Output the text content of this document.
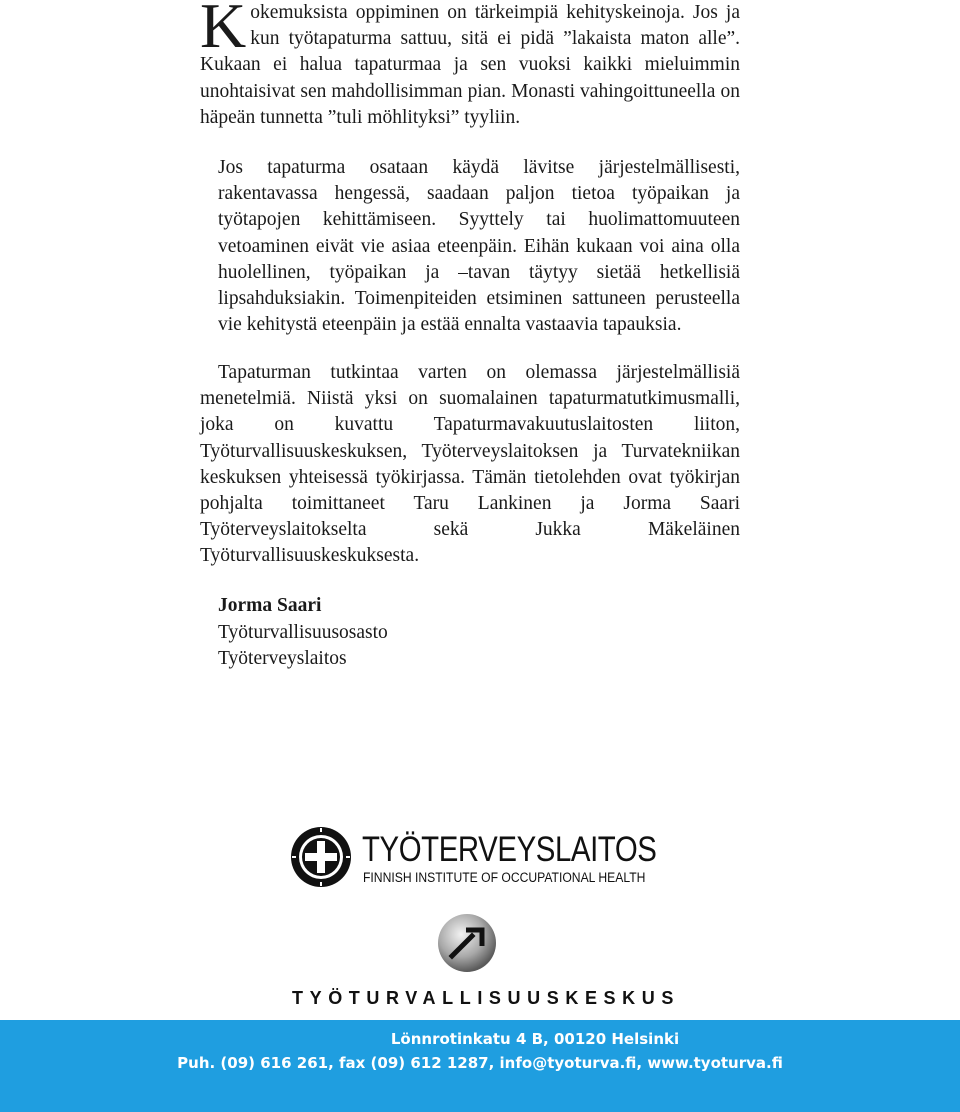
Kokemuksista oppiminen on tärkeimpiä kehityskeinoja. Jos ja kun työtapaturma sattuu, sitä ei pidä ”lakaista maton alle”. Kukaan ei halua tapaturmaa ja sen vuoksi kaikki mieluimmin unohtaisivat sen mahdollisimman pian. Monasti vahingoittuneella on häpeän tunnetta ”tuli möhlityksi” tyyliin.

Jos tapaturma osataan käydä lävitse järjestelmällisesti, rakentavassa hengessä, saadaan paljon tietoa työpaikan ja työtapojen kehittämiseen. Syyttely tai huolimattomuuteen vetoaminen eivät vie asiaa eteenpäin. Eihän kukaan voi aina olla huolellinen, työpaikan ja –tavan täytyy sietää hetkellisiä lipsahduksiakin. Toimenpiteiden etsiminen sattuneen perusteella vie kehitystä eteenpäin ja estää ennalta vastaavia tapauksia.

Tapaturman tutkintaa varten on olemassa järjestelmällisiä menetelmiä. Niistä yksi on suomalainen tapaturmatutkimusmalli, joka on kuvattu Tapaturmavakuutuslaitosten liiton, Työturvallisuuskeskuksen, Työterveyslaitoksen ja Turvatekniikan keskuksen yhteisessä työkirjassa. Tämän tietolehden ovat työkirjan pohjalta toimittaneet Taru Lankinen ja Jorma Saari Työterveyslaitokselta sekä Jukka Mäkeläinen Työturvallisuuskeskuksesta.

Jorma Saari
Työturvallisuusosasto
Työterveyslaitos
TYÖTERVEYSLAITOS
FINNISH INSTITUTE OF OCCUPATIONAL HEALTH
TYÖTURVALLISUUSKESKUS
Lönnrotinkatu 4 B, 00120 Helsinki
Puh. (09) 616 261, fax (09) 612 1287, info@tyoturva.fi, www.tyoturva.fi
